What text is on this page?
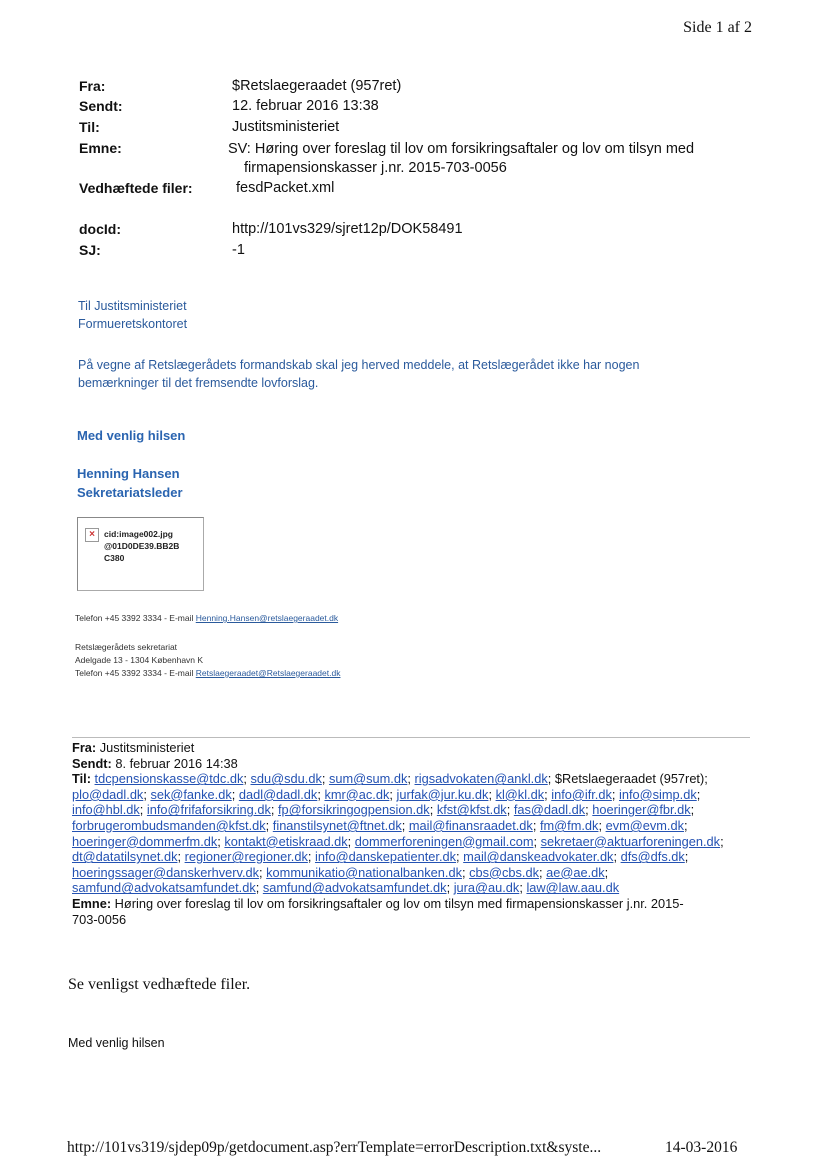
Side 1 af 2
Fra:	$Retslaegeraadet (957ret)
Sendt:	12. februar 2016 13:38
Til:	Justitsministeriet
Emne:	SV: Høring over foreslag til lov om forsikringsaftaler og lov om tilsyn med
firmapensionskasser j.nr. 2015-703-0056
Vedhæftede filer:	fesdPacket.xml
docId:	http://101vs329/sjret12p/DOK58491
SJ:	-1
Til Justitsministeriet
Formueretskontoret
På vegne af Retslægerådets formandskab skal jeg herved meddele, at Retslægerådet ikke har nogen
bemærkninger til det fremsendte lovforslag.
Med venlig hilsen
Henning Hansen
Sekretariatsleder
×	cid:image002.jpg
@01D0DE39.BB2B
C380
Telefon +45 3392 3334 - E-mail Henning.Hansen@retslaegeraadet.dk
Retslægerådets sekretariat
Adelgade 13 - 1304 København K
Telefon +45 3392 3334 - E-mail Retslaegeraadet@Retslaegeraadet.dk
Fra: Justitsministeriet
Sendt: 8. februar 2016 14:38
Til: tdcpensionskasse@tdc.dk; sdu@sdu.dk; sum@sum.dk; rigsadvokaten@ankl.dk; $Retslaegeraadet (957ret); plo@dadl.dk; sek@fanke.dk; dadl@dadl.dk; kmr@ac.dk; jurfak@jur.ku.dk; kl@kl.dk; info@ifr.dk; info@simp.dk; info@hbl.dk; info@frifaforsikring.dk; fp@forsikringogpension.dk; kfst@kfst.dk; fas@dadl.dk; hoeringer@fbr.dk; forbrugerombudsmanden@kfst.dk; finanstilsynet@ftnet.dk; mail@finansraadet.dk; fm@fm.dk; evm@evm.dk; hoeringer@dommerfm.dk; kontakt@etiskraad.dk; dommerforeningen@gmail.com; sekretaer@aktuarforeningen.dk; dt@datatilsynet.dk; regioner@regioner.dk; info@danskepatienter.dk; mail@danskeadvokater.dk; dfs@dfs.dk; hoeringssager@danskerhverv.dk; kommunikatio@nationalbanken.dk; cbs@cbs.dk; ae@ae.dk; samfund@advokatsamfundet.dk; samfund@advokatsamfundet.dk; jura@au.dk; law@law.aau.dk
Emne: Høring over foreslag til lov om forsikringsaftaler og lov om tilsyn med firmapensionskasser j.nr. 2015-
703-0056
Se venligst vedhæftede filer.
Med venlig hilsen
http://101vs319/sjdep09p/getdocument.asp?errTemplate=errorDescription.txt&syste...	14-03-2016
